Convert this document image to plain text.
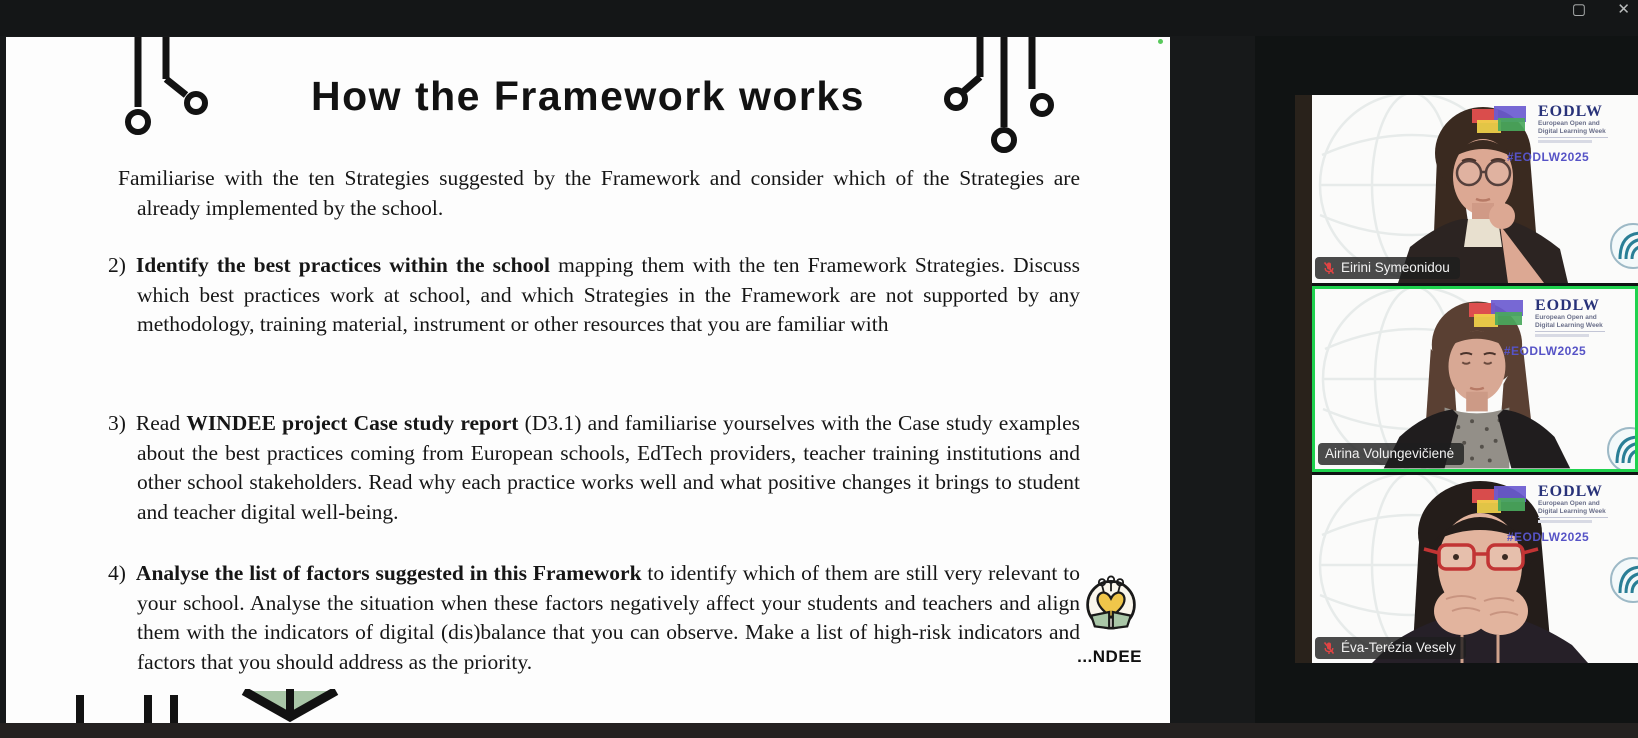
▢ ✕
How the Framework works

Familiarise with the ten Strategies suggested by the Framework and consider which of the Strategies are already implemented by the school.

2) Identify the best practices within the school mapping them with the ten Framework Strategies. Discuss which best practices work at school, and which Strategies in the Framework are not supported by any methodology, training material, instrument or other resources that you are familiar with

3) Read WINDEE project Case study report (D3.1) and familiarise yourselves with the Case study examples about the best practices coming from European schools, EdTech providers, teacher training institutions and other school stakeholders. Read why each practice works well and what positive changes it brings to student and teacher digital well-being.

4) Analyse the list of factors suggested in this Framework to identify which of them are still very relevant to your school. Analyse the situation when these factors negatively affect your students and teachers and align them with the indicators of digital (dis)balance that you can observe. Make a list of high-risk indicators and factors that you should address as the priority.	...NDEE
EODLW
European Open and
Digital Learning Week
#EODLW2025
Eirini Symeonidou
EODLW
European Open and
Digital Learning Week
#EODLW2025
Airina Volungevičienė
EODLW
European Open and
Digital Learning Week
#EODLW2025
Éva-Terézia Vesely
